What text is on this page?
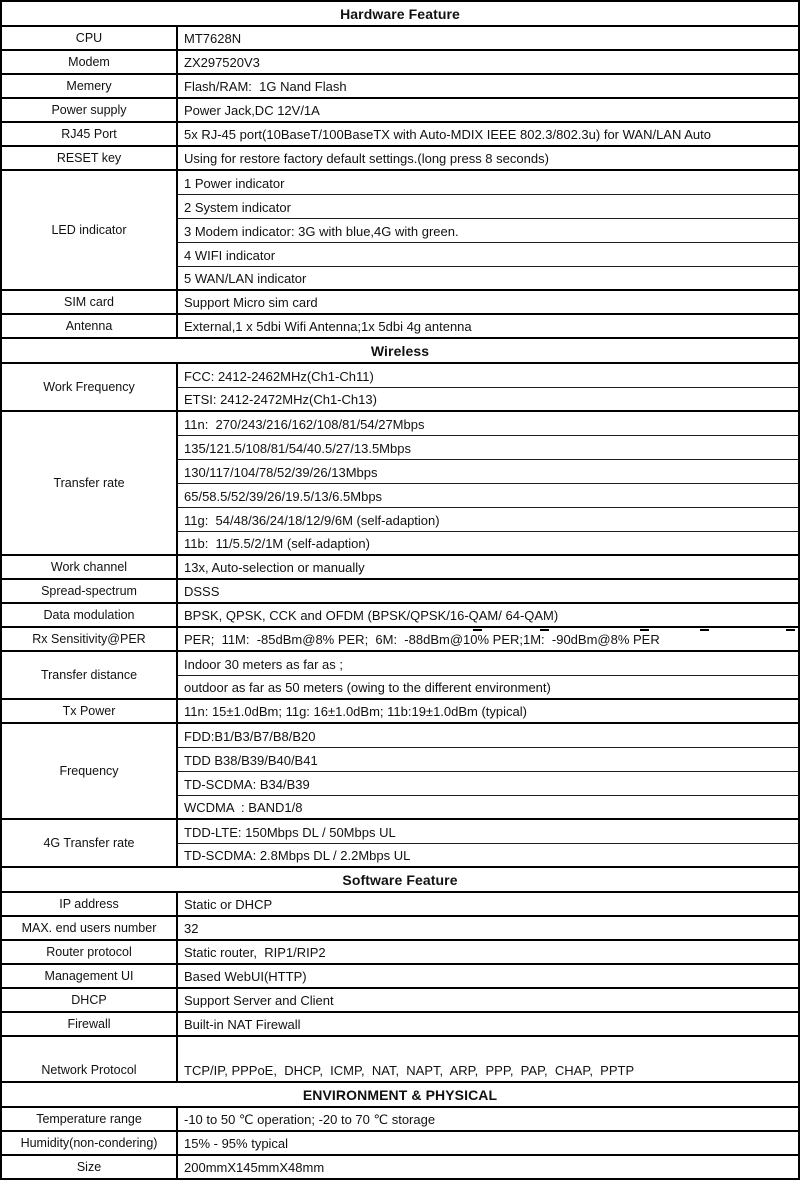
Hardware Feature	
CPU	MT7628N
Modem	ZX297520V3
Memery	Flash/RAM:  1G Nand Flash
Power supply	Power Jack,DC 12V/1A
RJ45 Port	5x RJ-45 port(10BaseT/100BaseTX with Auto-MDIX IEEE 802.3/802.3u) for WAN/LAN Auto
RESET key	Using for restore factory default settings.(long press 8 seconds)
LED indicator	1 Power indicator
	2 System indicator
	3 Modem indicator: 3G with blue,4G with green.
	4 WIFI indicator
	5 WAN/LAN indicator
SIM card	Support Micro sim card
Antenna	External,1 x 5dbi Wifi Antenna;1x 5dbi 4g antenna
Wireless	
Work Frequency	FCC: 2412-2462MHz(Ch1-Ch11)
	ETSI: 2412-2472MHz(Ch1-Ch13)
Transfer rate	11n:  270/243/216/162/108/81/54/27Mbps
	135/121.5/108/81/54/40.5/27/13.5Mbps
	130/117/104/78/52/39/26/13Mbps
	65/58.5/52/39/26/19.5/13/6.5Mbps
	11g:  54/48/36/24/18/12/9/6M (self-adaption)
	11b:  11/5.5/2/1M (self-adaption)
Work channel	13x, Auto-selection or manually
Spread-spectrum	DSSS
Data modulation	BPSK, QPSK, CCK and OFDM (BPSK/QPSK/16-QAM/ 64-QAM)
Rx Sensitivity@PER	PER;  11M:  -85dBm@8% PER;  6M:  -88dBm@10% PER;1M:  -90dBm@8% PER
Transfer distance	Indoor 30 meters as far as ;
	outdoor as far as 50 meters (owing to the different environment)
Tx Power	11n: 15±1.0dBm; 11g: 16±1.0dBm; 11b:19±1.0dBm (typical)
Frequency	FDD:B1/B3/B7/B8/B20
	TDD B38/B39/B40/B41
	TD-SCDMA: B34/B39
	WCDMA  : BAND1/8
4G Transfer rate	TDD-LTE: 150Mbps DL / 50Mbps UL
	TD-SCDMA: 2.8Mbps DL / 2.2Mbps UL
Software Feature	
IP address	Static or DHCP
MAX. end users number	32
Router protocol	Static router,  RIP1/RIP2
Management UI	Based WebUI(HTTP)
DHCP	Support Server and Client
Firewall	Built-in NAT Firewall
Network Protocol	TCP/IP, PPPoE,  DHCP,  ICMP,  NAT,  NAPT,  ARP,  PPP,  PAP,  CHAP,  PPTP
ENVIRONMENT & PHYSICAL	
Temperature range	-10 to 50 ℃ operation; -20 to 70 ℃ storage
Humidity(non-condering)	15% - 95% typical
Size	200mmX145mmX48mm
